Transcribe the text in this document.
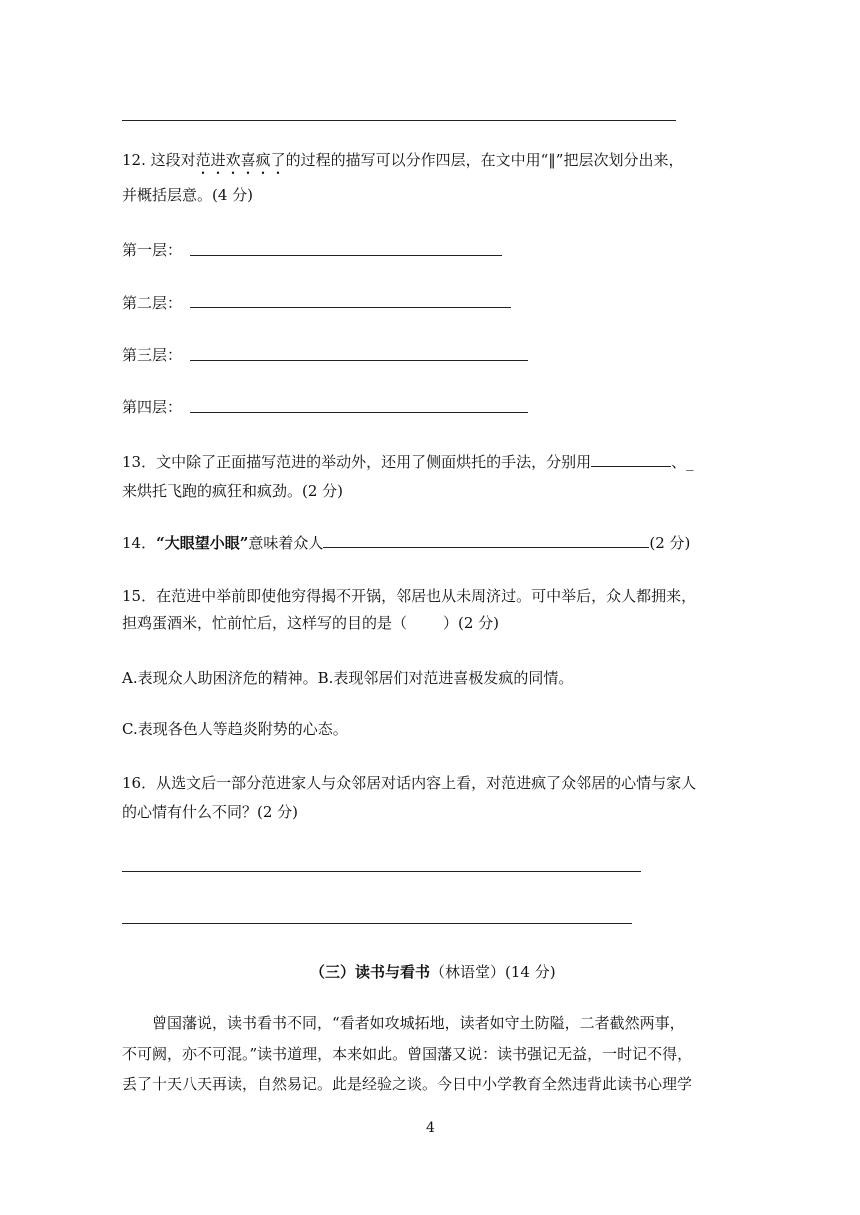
12. 这段对范进欢喜疯了的过程的描写可以分作四层，在文中用“‖”把层次划分出来，
并概括层意。(4 分)
第一层：
第二层：
第三层：
第四层：
13．文中除了正面描写范进的举动外，还用了侧面烘托的手法，分别用	、_
来烘托飞跑的疯狂和疯劲。(2 分)
14．“大眼望小眼”意味着众人	(2 分)
15．在范进中举前即使他穷得揭不开锅，邻居也从未周济过。可中举后，众人都拥来，
担鸡蛋酒米，忙前忙后，这样写的目的是（ ）(2 分)
A.表现众人助困济危的精神。B.表现邻居们对范进喜极发疯的同情。
C.表现各色人等趋炎附势的心态。
16．从选文后一部分范进家人与众邻居对话内容上看，对范进疯了众邻居的心情与家人
的心情有什么不同？(2 分)
（三）读书与看书（林语堂）(14 分)
曾国藩说，读书看书不同，“看者如攻城拓地，读者如守土防隘，二者截然两事，
不可阙，亦不可混。”读书道理，本来如此。曾国藩又说：读书强记无益，一时记不得，
丢了十天八天再读，自然易记。此是经验之谈。今日中小学教育全然违背此读书心理学
4
